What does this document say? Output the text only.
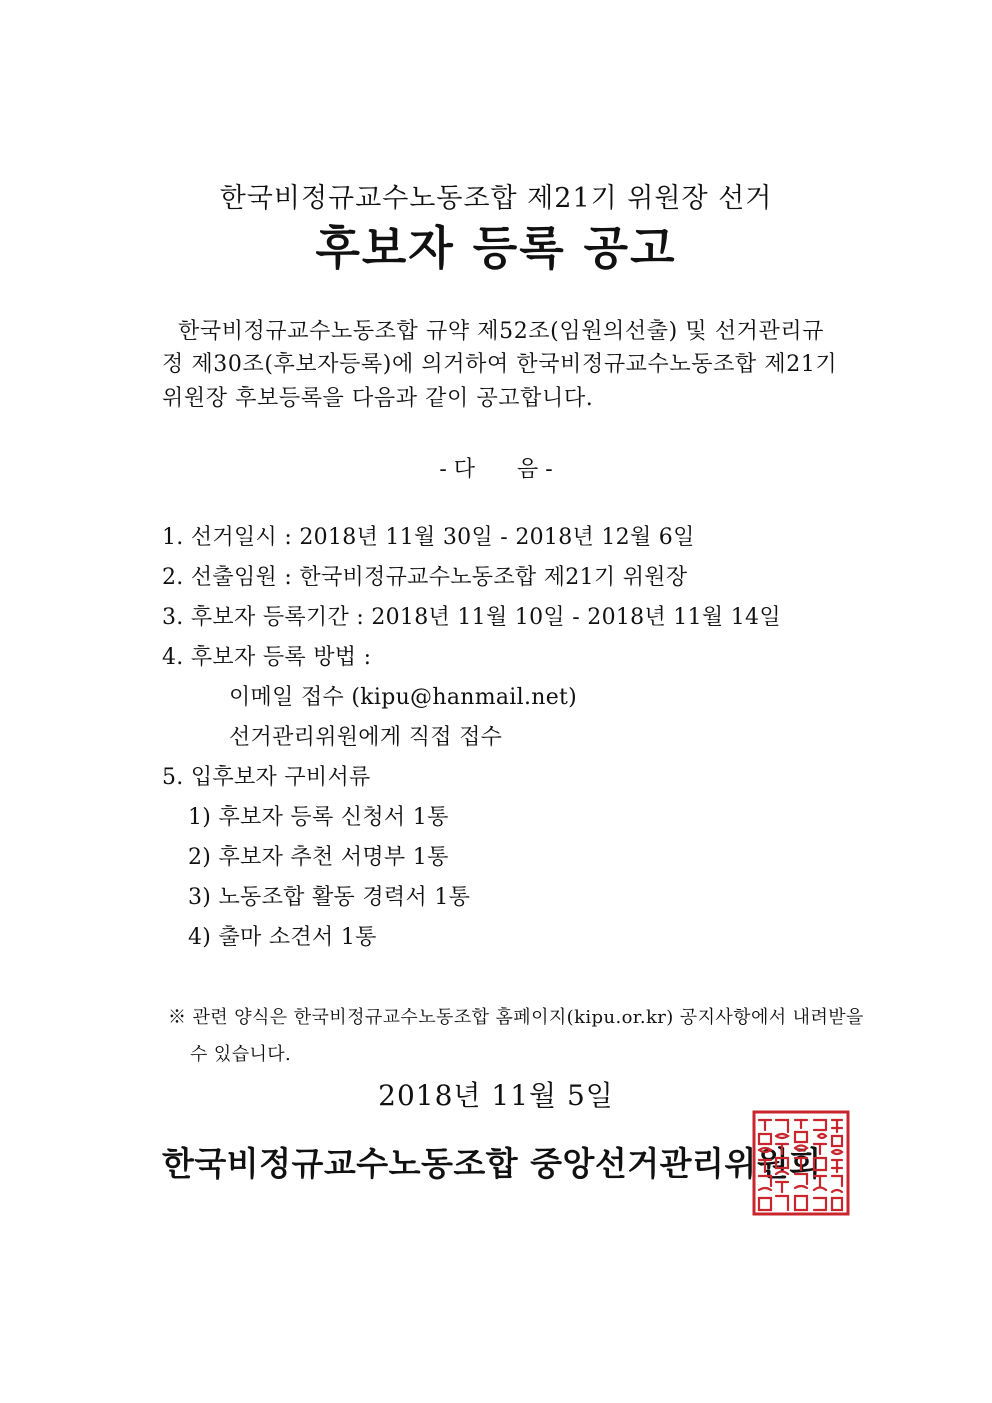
한국비정규교수노동조합 제21기 위원장 선거
후보자 등록 공고
한국비정규교수노동조합 규약 제52조(임원의선출) 및 선거관리규
정 제30조(후보자등록)에 의거하여 한국비정규교수노동조합 제21기
위원장 후보등록을 다음과 같이 공고합니다.
- 다      음 -
1. 선거일시 : 2018년 11월 30일 - 2018년 12월 6일
2. 선출임원 : 한국비정규교수노동조합 제21기 위원장
3. 후보자 등록기간 : 2018년 11월 10일 - 2018년 11월 14일
4. 후보자 등록 방법 :
이메일 접수 (kipu@hanmail.net)
선거관리위원에게 직접 접수
5. 입후보자 구비서류
1) 후보자 등록 신청서 1통
2) 후보자 추천 서명부 1통
3) 노동조합 활동 경력서 1통
4) 출마 소견서 1통
※ 관련 양식은 한국비정규교수노동조합 홈페이지(kipu.or.kr) 공지사항에서 내려받을
수 있습니다.
2018년 11월 5일
한국비정규교수노동조합 중앙선거관리위원회
